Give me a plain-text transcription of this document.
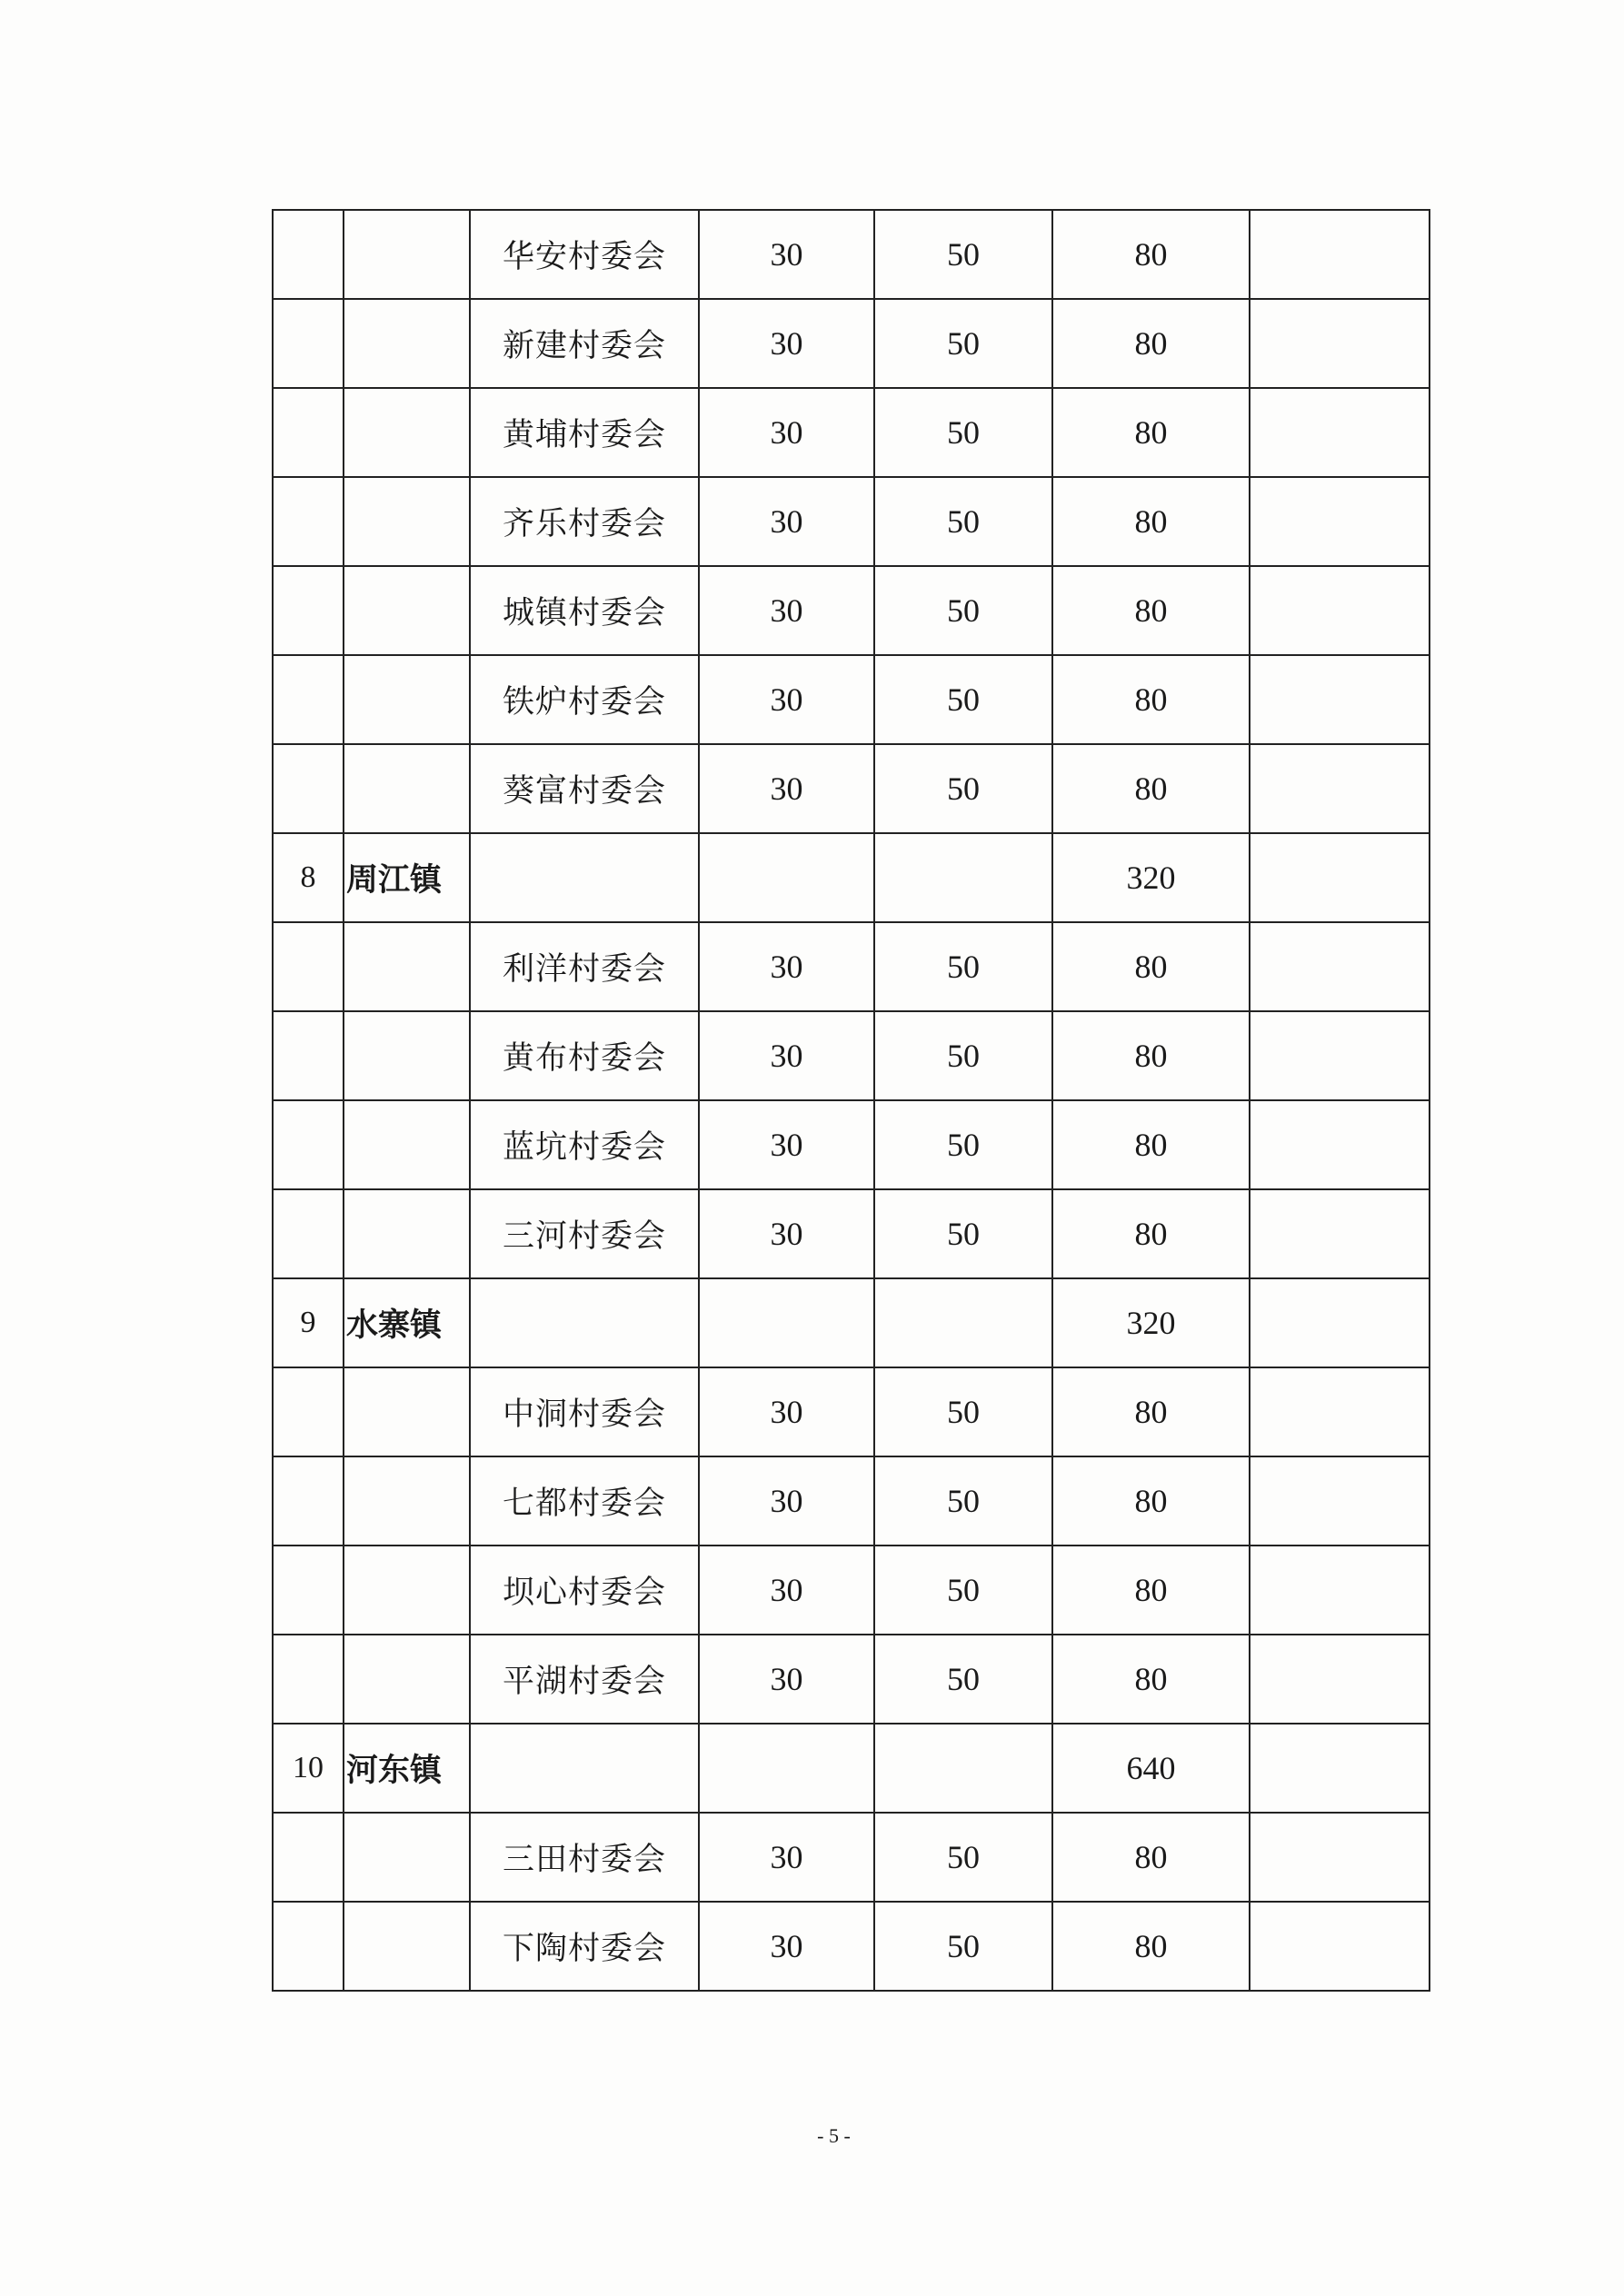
		华安村委会	30	50	80	
		新建村委会	30	50	80	
		黄埔村委会	30	50	80	
		齐乐村委会	30	50	80	
		城镇村委会	30	50	80	
		铁炉村委会	30	50	80	
		葵富村委会	30	50	80	
8	周江镇				320	
		利洋村委会	30	50	80	
		黄布村委会	30	50	80	
		蓝坑村委会	30	50	80	
		三河村委会	30	50	80	
9	水寨镇				320	
		中洞村委会	30	50	80	
		七都村委会	30	50	80	
		坝心村委会	30	50	80	
		平湖村委会	30	50	80	
10	河东镇				640	
		三田村委会	30	50	80	
		下陶村委会	30	50	80	
- 5 -
